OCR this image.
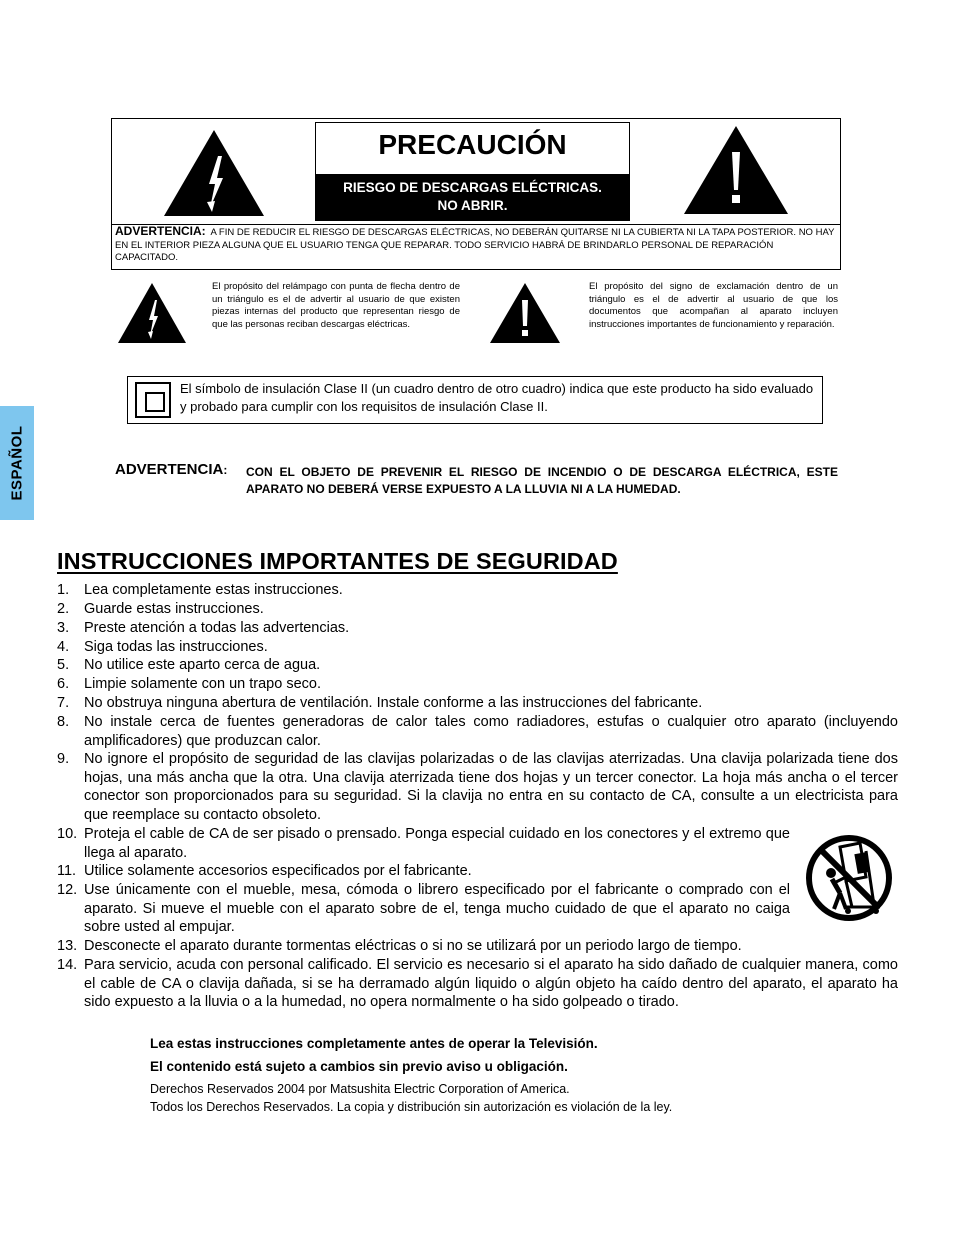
PRECAUCIÓN
RIESGO DE DESCARGAS ELÉCTRICAS.
NO ABRIR.
ADVERTENCIA: A FIN DE REDUCIR EL RIESGO DE DESCARGAS ELÉCTRICAS, NO DEBERÁN QUITARSE NI LA CUBIERTA NI LA TAPA POSTERIOR. NO HAY EN EL INTERIOR PIEZA ALGUNA QUE EL USUARIO TENGA QUE REPARAR. TODO SERVICIO HABRÁ DE BRINDARLO PERSONAL DE REPARACIÓN CAPACITADO.
El propósito del relámpago con punta de flecha dentro de un triángulo es el de advertir al usuario de que existen piezas internas del producto que representan riesgo de que las personas reciban descargas eléctricas.
El propósito del signo de exclamación dentro de un triángulo es el de advertir al usuario de que los documentos que acompañan al aparato incluyen instrucciones importantes de funcionamiento y reparación.
El símbolo de insulación Clase II (un cuadro dentro de otro cuadro) indica que este producto ha sido evaluado y probado para cumplir con los requisitos de insulación Clase II.
ESPAÑOL	ADVERTENCIA: CON EL OBJETO DE PREVENIR EL RIESGO DE INCENDIO O DE DESCARGA ELÉCTRICA, ESTE APARATO NO DEBERÁ VERSE EXPUESTO A LA LLUVIA NI A LA HUMEDAD.
INSTRUCCIONES IMPORTANTES DE SEGURIDAD
1. Lea completamente estas instrucciones.
2. Guarde estas instrucciones.
3. Preste atención a todas las advertencias.
4. Siga todas las instrucciones.
5. No utilice este aparto cerca de agua.
6. Limpie solamente con un trapo seco.
7. No obstruya ninguna abertura de ventilación. Instale conforme a las instrucciones del fabricante.
8. No instale cerca de fuentes generadoras de calor tales como radiadores, estufas o cualquier otro aparato (incluyendo amplificadores) que produzcan calor.
9. No ignore el propósito de seguridad de las clavijas polarizadas o de las clavijas aterrizadas. Una clavija polarizada tiene dos hojas, una más ancha que la otra. Una clavija aterrizada tiene dos hojas y un tercer conector. La hoja más ancha o el tercer conector son proporcionados para su seguridad. Si la clavija no entra en su contacto de CA, consulte a un electricista para que reemplace su contacto obsoleto.
10. Proteja el cable de CA de ser pisado o prensado. Ponga especial cuidado en los conectores y el extremo que llega al aparato.
11. Utilice solamente accesorios especificados por el fabricante.
12. Use únicamente con el mueble, mesa, cómoda o librero especificado por el fabricante o comprado con el aparato. Si mueve el mueble con el aparato sobre de el, tenga mucho cuidado de que el aparato no caiga sobre usted al empujar.
13. Desconecte el aparato durante tormentas eléctricas o si no se utilizará por un periodo largo de tiempo.
14. Para servicio, acuda con personal calificado. El servicio es necesario si el aparato ha sido dañado de cualquier manera, como el cable de CA o clavija dañada, si se ha derramado algún liquido o algún objeto ha caído dentro del aparato, el aparato ha sido expuesto a la lluvia o a la humedad, no opera normalmente o ha sido golpeado o tirado.
Lea estas instrucciones completamente antes de operar la Televisión.
El contenido está sujeto a cambios sin previo aviso u obligación.
Derechos Reservados 2004 por Matsushita Electric Corporation of America.
Todos los Derechos Reservados. La copia y distribución sin autorización es violación de la ley.
